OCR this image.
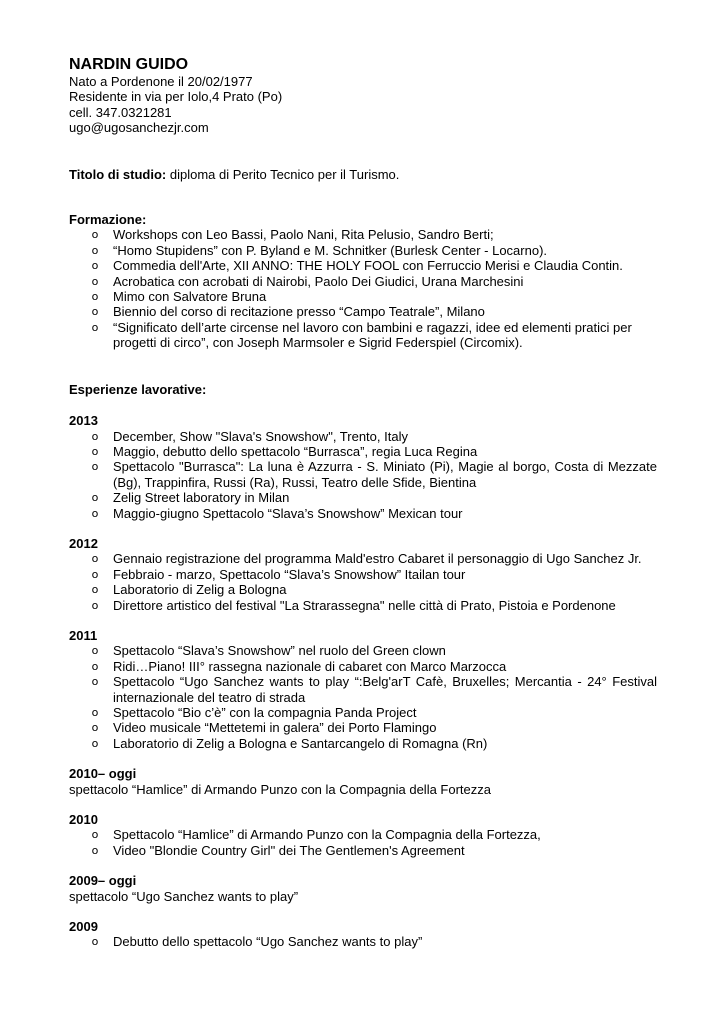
NARDIN GUIDO
Nato a Pordenone il 20/02/1977
Residente in via per Iolo,4 Prato (Po)
cell. 347.0321281
ugo@ugosanchezjr.com
Titolo di studio: diploma di Perito Tecnico per il Turismo.
Formazione:
o Workshops con Leo Bassi, Paolo Nani, Rita Pelusio, Sandro Berti;
o “Homo Stupidens” con P. Byland e M. Schnitker (Burlesk Center - Locarno).
o Commedia dell'Arte, XII ANNO: THE HOLY FOOL con Ferruccio Merisi e Claudia Contin.
o Acrobatica con acrobati di Nairobi, Paolo Dei Giudici, Urana Marchesini
o Mimo con Salvatore Bruna
o Biennio del corso di recitazione presso “Campo Teatrale”, Milano
o “Significato dell’arte circense nel lavoro con bambini e ragazzi, idee ed elementi pratici per progetti di circo”, con Joseph Marmsoler e Sigrid Federspiel (Circomix).
Esperienze lavorative:
2013
o December, Show "Slava's Snowshow", Trento, Italy
o Maggio, debutto dello spettacolo “Burrasca”, regia Luca Regina
o Spettacolo "Burrasca": La luna è Azzurra - S. Miniato (Pi), Magie al borgo, Costa di Mezzate (Bg), Trappinfira, Russi (Ra), Russi, Teatro delle Sfide, Bientina
o Zelig Street laboratory in Milan
o Maggio-giugno Spettacolo “Slava’s Snowshow” Mexican tour
2012
o Gennaio registrazione del programma Mald'estro Cabaret il personaggio di Ugo Sanchez Jr.
o Febbraio - marzo, Spettacolo “Slava’s Snowshow” Itailan tour
o Laboratorio di Zelig a Bologna
o Direttore artistico del festival "La Strarassegna" nelle città di Prato, Pistoia e Pordenone
2011
o Spettacolo “Slava’s Snowshow” nel ruolo del Green clown
o Ridi…Piano! III° rassegna nazionale di cabaret con Marco Marzocca
o Spettacolo “Ugo Sanchez wants to play “:Belg'arT Cafè, Bruxelles; Mercantia - 24° Festival internazionale del teatro di strada
o Spettacolo “Bio c’è” con la compagnia Panda Project
o Video musicale “Mettetemi in galera” dei Porto Flamingo
o Laboratorio di Zelig a Bologna e Santarcangelo di Romagna (Rn)
2010– oggi
spettacolo “Hamlice” di Armando Punzo con la Compagnia della Fortezza
2010
o Spettacolo “Hamlice” di Armando Punzo con la Compagnia della Fortezza,
o Video "Blondie Country Girl" dei The Gentlemen's Agreement
2009– oggi
spettacolo “Ugo Sanchez wants to play”
2009
o Debutto dello spettacolo “Ugo Sanchez wants to play”
